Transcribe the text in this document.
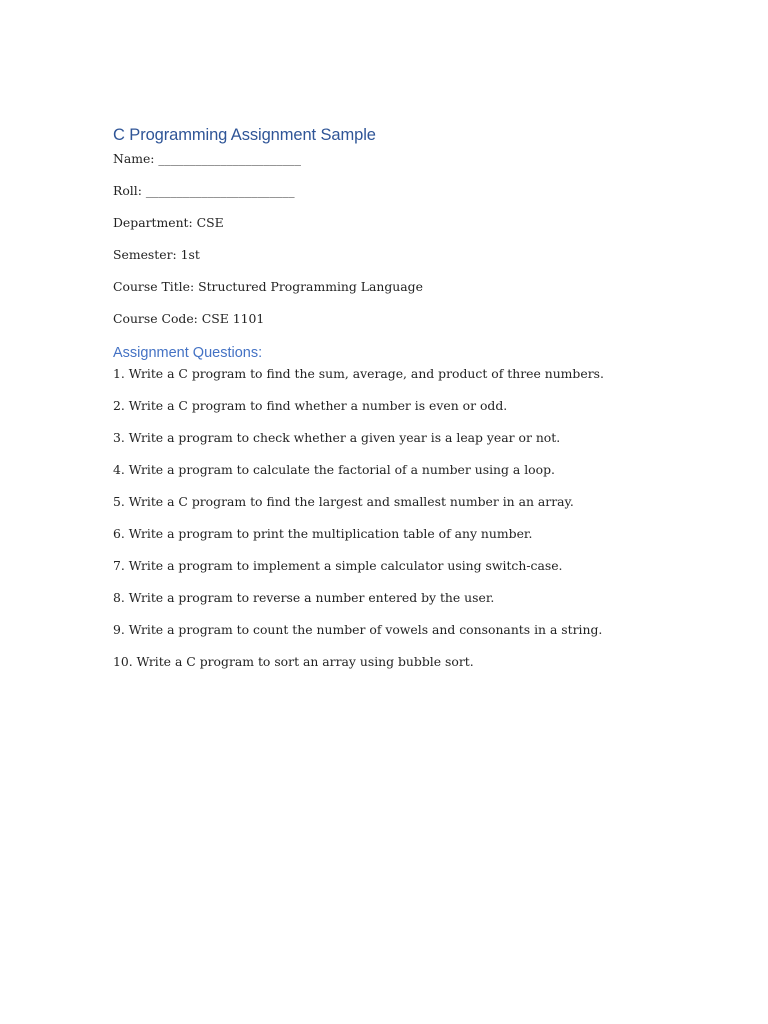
C Programming Assignment Sample

Name: _______________________

Roll: ________________________

Department: CSE

Semester: 1st

Course Title: Structured Programming Language

Course Code: CSE 1101

Assignment Questions:
1. Write a C program to find the sum, average, and product of three numbers.
2. Write a C program to find whether a number is even or odd.
3. Write a program to check whether a given year is a leap year or not.
4. Write a program to calculate the factorial of a number using a loop.
5. Write a C program to find the largest and smallest number in an array.
6. Write a program to print the multiplication table of any number.
7. Write a program to implement a simple calculator using switch-case.
8. Write a program to reverse a number entered by the user.
9. Write a program to count the number of vowels and consonants in a string.
10. Write a C program to sort an array using bubble sort.
